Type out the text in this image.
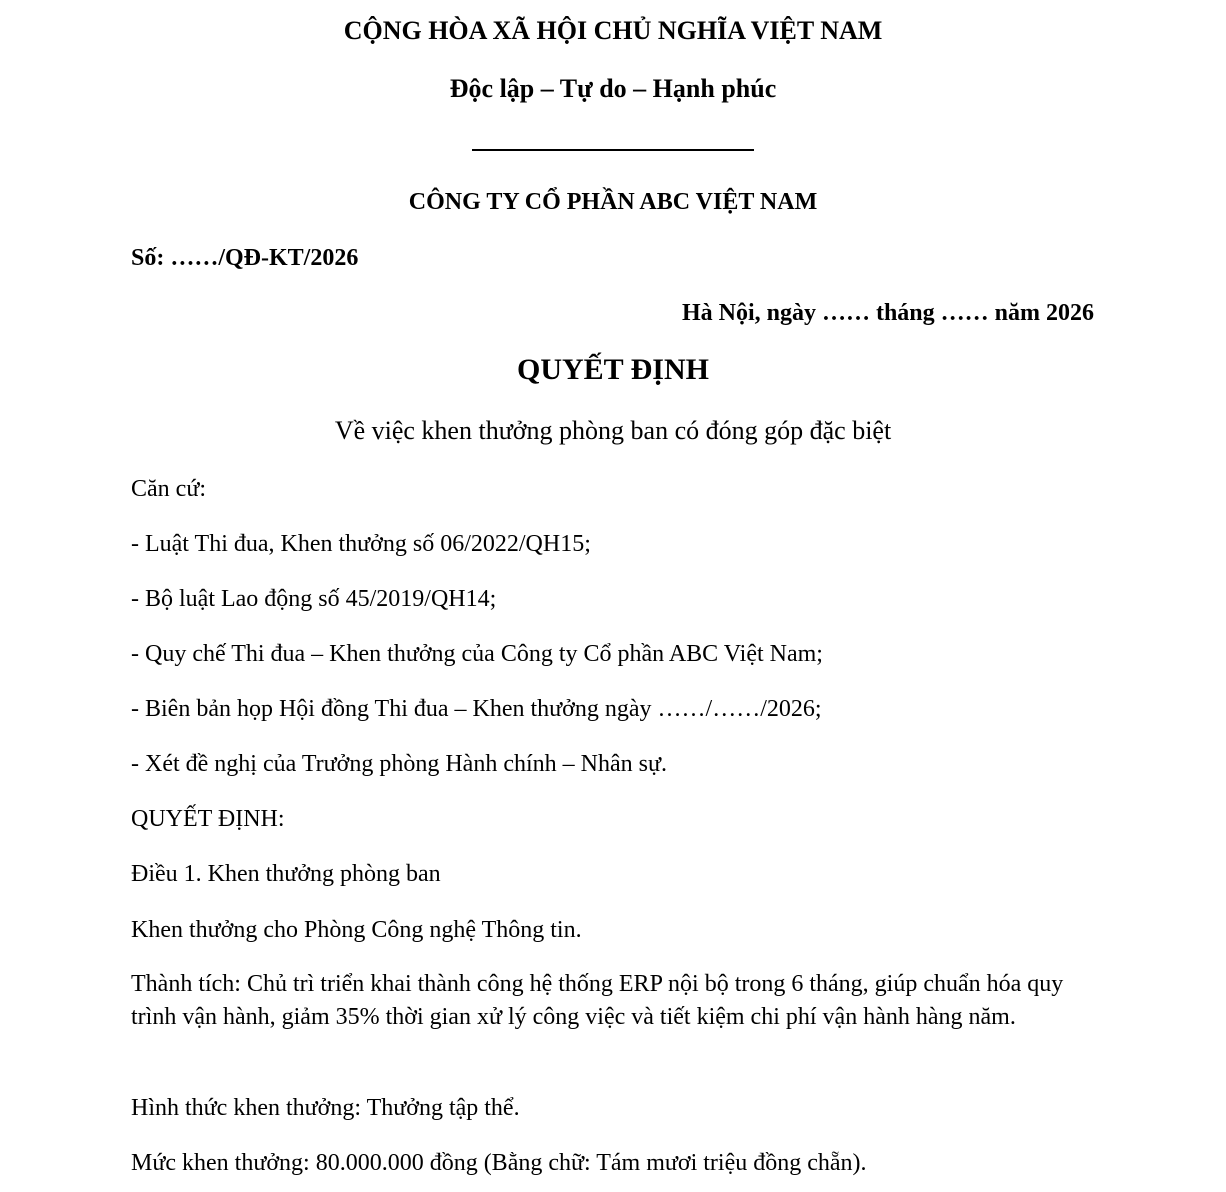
CỘNG HÒA XÃ HỘI CHỦ NGHĨA VIỆT NAM
Độc lập – Tự do – Hạnh phúc
CÔNG TY CỔ PHẦN ABC VIỆT NAM
Số: ……/QĐ-KT/2026
Hà Nội, ngày …… tháng …… năm 2026
QUYẾT ĐỊNH
Về việc khen thưởng phòng ban có đóng góp đặc biệt
Căn cứ:
- Luật Thi đua, Khen thưởng số 06/2022/QH15;
- Bộ luật Lao động số 45/2019/QH14;
- Quy chế Thi đua – Khen thưởng của Công ty Cổ phần ABC Việt Nam;
- Biên bản họp Hội đồng Thi đua – Khen thưởng ngày ……/……/2026;
- Xét đề nghị của Trưởng phòng Hành chính – Nhân sự.
QUYẾT ĐỊNH:
Điều 1. Khen thưởng phòng ban
Khen thưởng cho Phòng Công nghệ Thông tin.
Thành tích: Chủ trì triển khai thành công hệ thống ERP nội bộ trong 6 tháng, giúp chuẩn hóa quy trình vận hành, giảm 35% thời gian xử lý công việc và tiết kiệm chi phí vận hành hàng năm.
Hình thức khen thưởng: Thưởng tập thể.
Mức khen thưởng: 80.000.000 đồng (Bằng chữ: Tám mươi triệu đồng chẵn).
